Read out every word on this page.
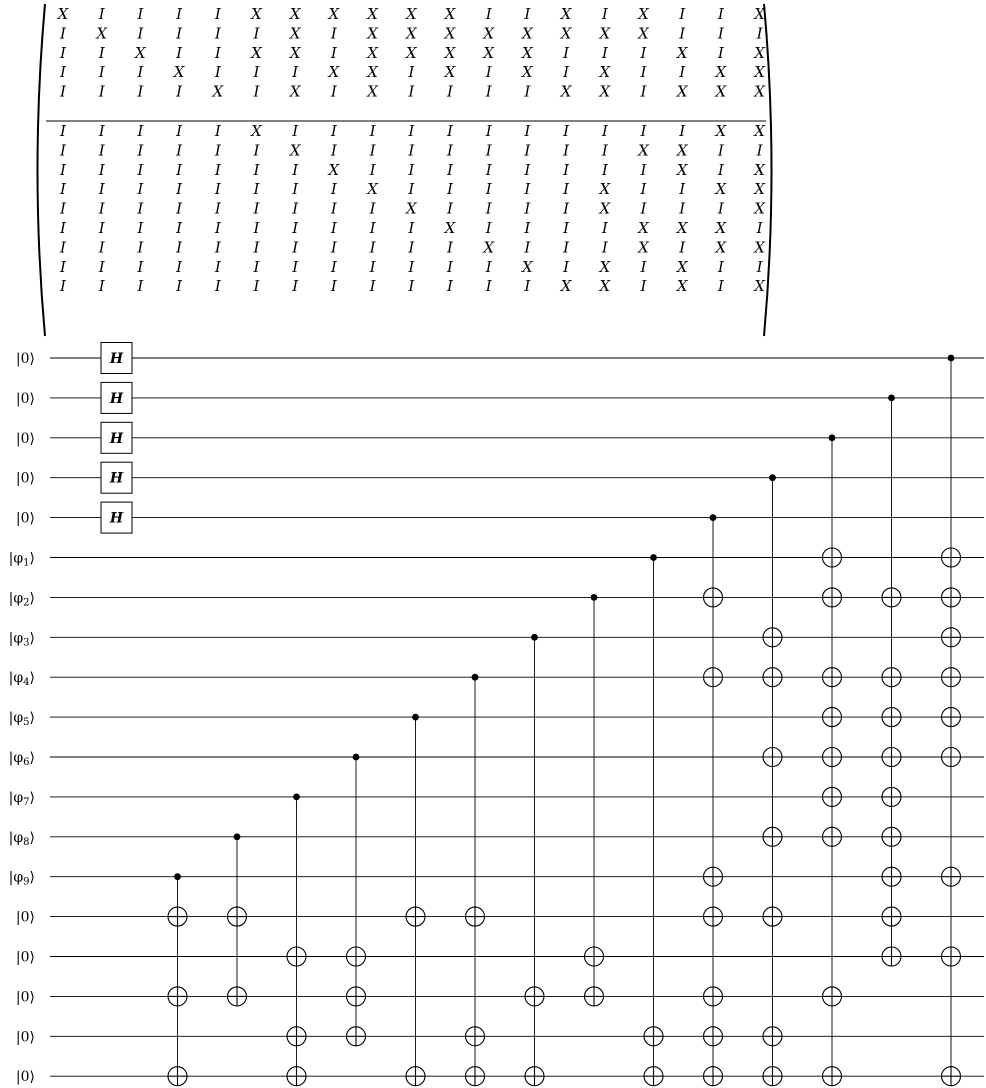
X I I I I X X X X X X I I X I X I I X
I X I I I I X I X X X X X X X X I I I
I I X I I X X I X X X X X I I I X I X
I I I X I I I X X I X I X I X I I X X
I I I I X I X I X I I I I X X I X X X
I I I I I X I I I I I I I I I I I X X
I I I I I I X I I I I I I I I X X I I
I I I I I I I X I I I I I I I I X I X
I I I I I I I I X I I I I I X I I X X
I I I I I I I I I X I I I I X I I I X
I I I I I I I I I I X I I I I X X X I
I I I I I I I I I I I X I I I X I X X
I I I I I I I I I I I I X I X I X I I
I I I I I I I I I I I I I X X I X I X
|0⟩
|0⟩
|0⟩
|0⟩
|0⟩
$|\varphi_1⟩$
$|\varphi_2⟩$
$|\varphi_3⟩$
$|\varphi_4⟩$
$|\varphi_5⟩$
$|\varphi_6⟩$
$|\varphi_7⟩$
$|\varphi_8⟩$
$|\varphi_9⟩$
|0⟩
|0⟩
|0⟩
|0⟩
|0⟩
H
H
H
H
H
